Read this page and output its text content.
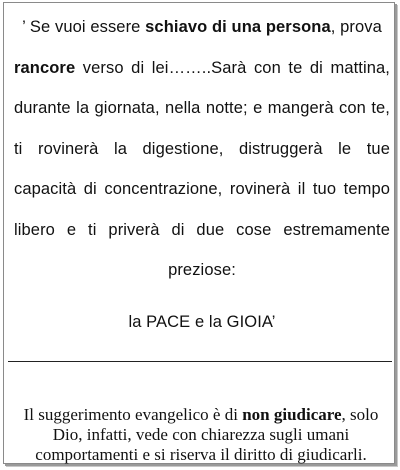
’ Se vuoi essere schiavo di una persona, prova
rancore verso di lei……..Sarà con te di mattina, durante la giornata, nella notte; e mangerà con te, ti rovinerà la digestione, distruggerà le tue capacità di concentrazione, rovinerà il tuo tempo libero e ti priverà di due cose estremamente preziose:
la PACE e la GIOIA’
Il suggerimento evangelico è di non giudicare, solo Dio, infatti, vede con chiarezza sugli umani comportamenti e si riserva il diritto di giudicarli.
